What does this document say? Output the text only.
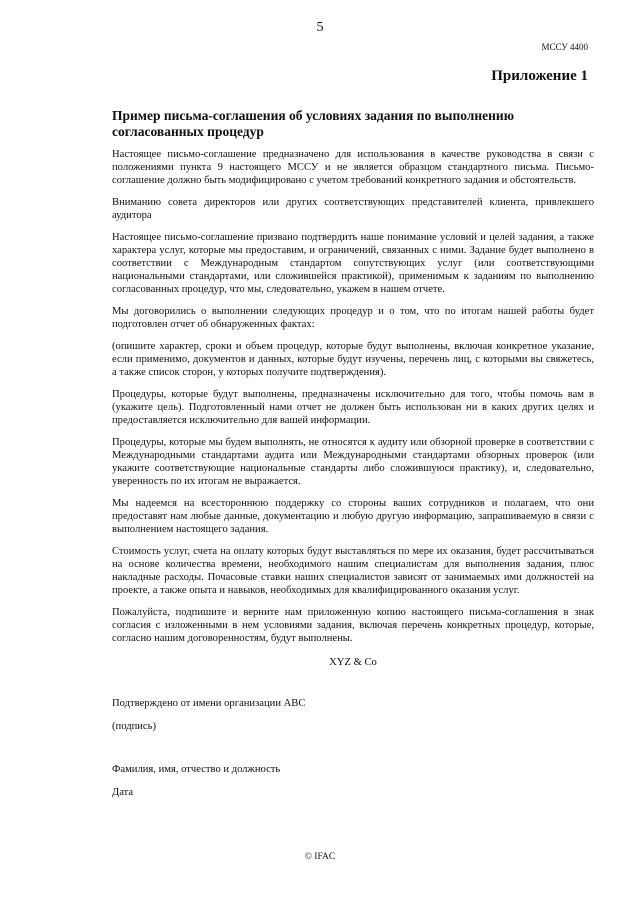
5
МССУ 4400
Приложение 1
Пример письма-соглашения об условиях задания по выполнению согласованных процедур

Настоящее письмо-соглашение предназначено для использования в качестве руководства в связи с положениями пункта 9 настоящего МССУ и не является образцом стандартного письма. Письмо-соглашение должно быть модифицировано с учетом требований конкретного задания и обстоятельств.

Вниманию совета директоров или других соответствующих представителей клиента, привлекшего аудитора

Настоящее письмо-соглашение призвано подтвердить наше понимание условий и целей задания, а также характера услуг, которые мы предоставим, и ограничений, связанных с ними. Задание будет выполнено в соответствии с Международным стандартом сопутствующих услуг (или соответствующими национальными стандартами, или сложившейся практикой), применимым к заданиям по выполнению согласованных процедур, что мы, следовательно, укажем в нашем отчете.

Мы договорились о выполнении следующих процедур и о том, что по итогам нашей работы будет подготовлен отчет об обнаруженных фактах:

(опишите характер, сроки и объем процедур, которые будут выполнены, включая конкретное указание, если применимо, документов и данных, которые будут изучены, перечень лиц, с которыми вы свяжетесь, а также список сторон, у которых получите подтверждения).

Процедуры, которые будут выполнены, предназначены исключительно для того, чтобы помочь вам в (укажите цель). Подготовленный нами отчет не должен быть использован ни в каких других целях и предоставляется исключительно для вашей информации.

Процедуры, которые мы будем выполнять, не относятся к аудиту или обзорной проверке в соответствии с Международными стандартами аудита или Международными стандартами обзорных проверок (или укажите соответствующие национальные стандарты либо сложившуюся практику), и, следовательно, уверенность по их итогам не выражается.

Мы надеемся на всестороннюю поддержку со стороны ваших сотрудников и полагаем, что они предоставят нам любые данные, документацию и любую другую информацию, запрашиваемую в связи с выполнением настоящего задания.

Стоимость услуг, счета на оплату которых будут выставляться по мере их оказания, будет рассчитываться на основе количества времени, необходимого нашим специалистам для выполнения задания, плюс накладные расходы. Почасовые ставки наших специалистов зависят от занимаемых ими должностей на проекте, а также опыта и навыков, необходимых для квалифицированного оказания услуг.

Пожалуйста, подпишите и верните нам приложенную копию настоящего письма-соглашения в знак согласия с изложенными в нем условиями задания, включая перечень конкретных процедур, которые, согласно нашим договоренностям, будут выполнены.

XYZ & Co
Подтверждено от имени организации ABC
(подпись)
Фамилия, имя, отчество и должность
Дата
© IFAC
